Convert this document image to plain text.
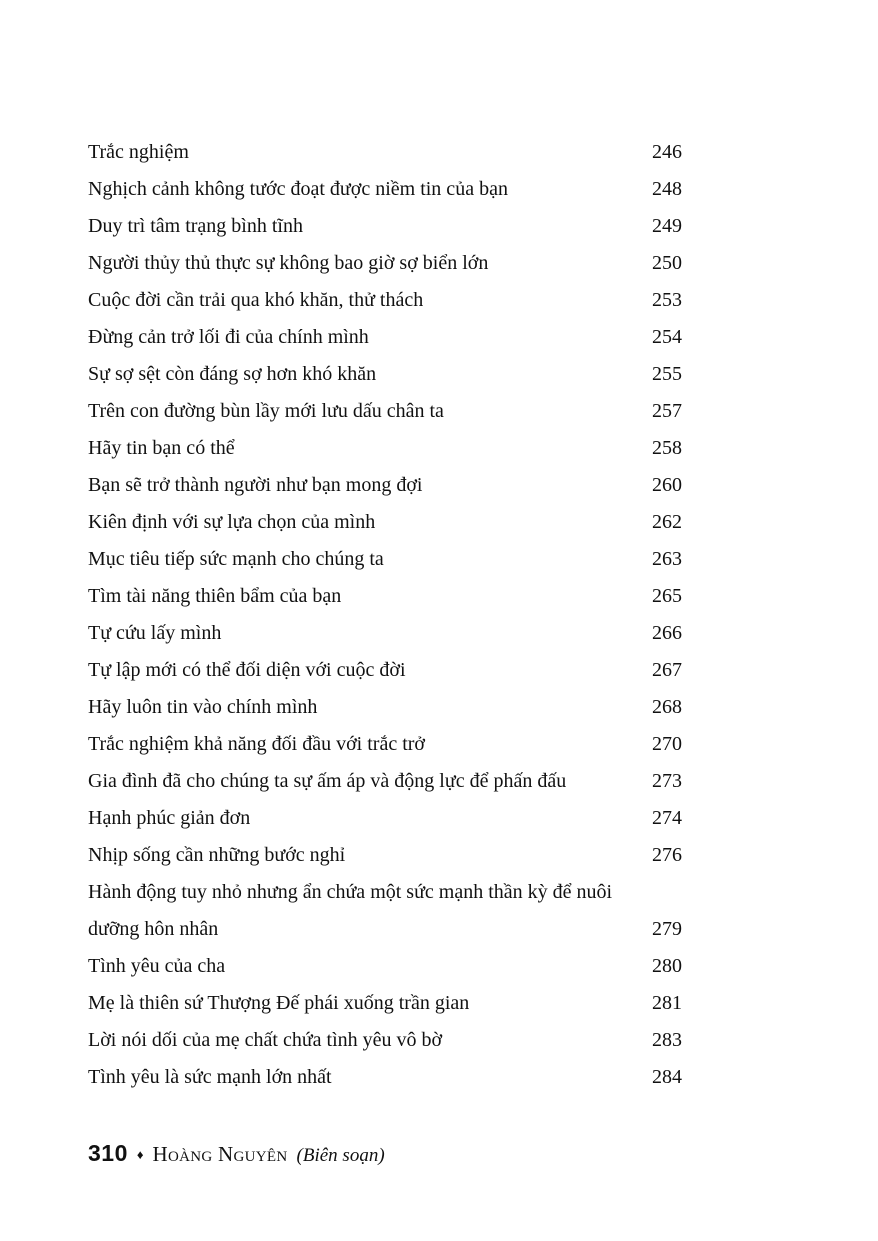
Trắc nghiệm	246
Nghịch cảnh không tước đoạt được niềm tin của bạn	248
Duy trì tâm trạng bình tĩnh	249
Người thủy thủ thực sự không bao giờ sợ biển lớn	250
Cuộc đời cần trải qua khó khăn, thử thách	253
Đừng cản trở lối đi của chính mình	254
Sự sợ sệt còn đáng sợ hơn khó khăn	255
Trên con đường bùn lầy mới lưu dấu chân ta	257
Hãy tin bạn có thể	258
Bạn sẽ trở thành người như bạn mong đợi	260
Kiên định với sự lựa chọn của mình	262
Mục tiêu tiếp sức mạnh cho chúng ta	263
Tìm tài năng thiên bẩm của bạn	265
Tự cứu lấy mình	266
Tự lập mới có thể đối diện với cuộc đời	267
Hãy luôn tin vào chính mình	268
Trắc nghiệm khả năng đối đầu với trắc trở	270
Gia đình đã cho chúng ta sự ấm áp và động lực để phấn đấu	273
Hạnh phúc giản đơn	274
Nhịp sống cần những bước nghỉ	276
Hành động tuy nhỏ nhưng ẩn chứa một sức mạnh thần kỳ để nuôi dưỡng hôn nhân	279
Tình yêu của cha	280
Mẹ là thiên sứ Thượng Đế phái xuống trần gian	281
Lời nói dối của mẹ chất chứa tình yêu vô bờ	283
Tình yêu là sức mạnh lớn nhất	284
310 ♦ Hoàng Nguyên (Biên soạn)
